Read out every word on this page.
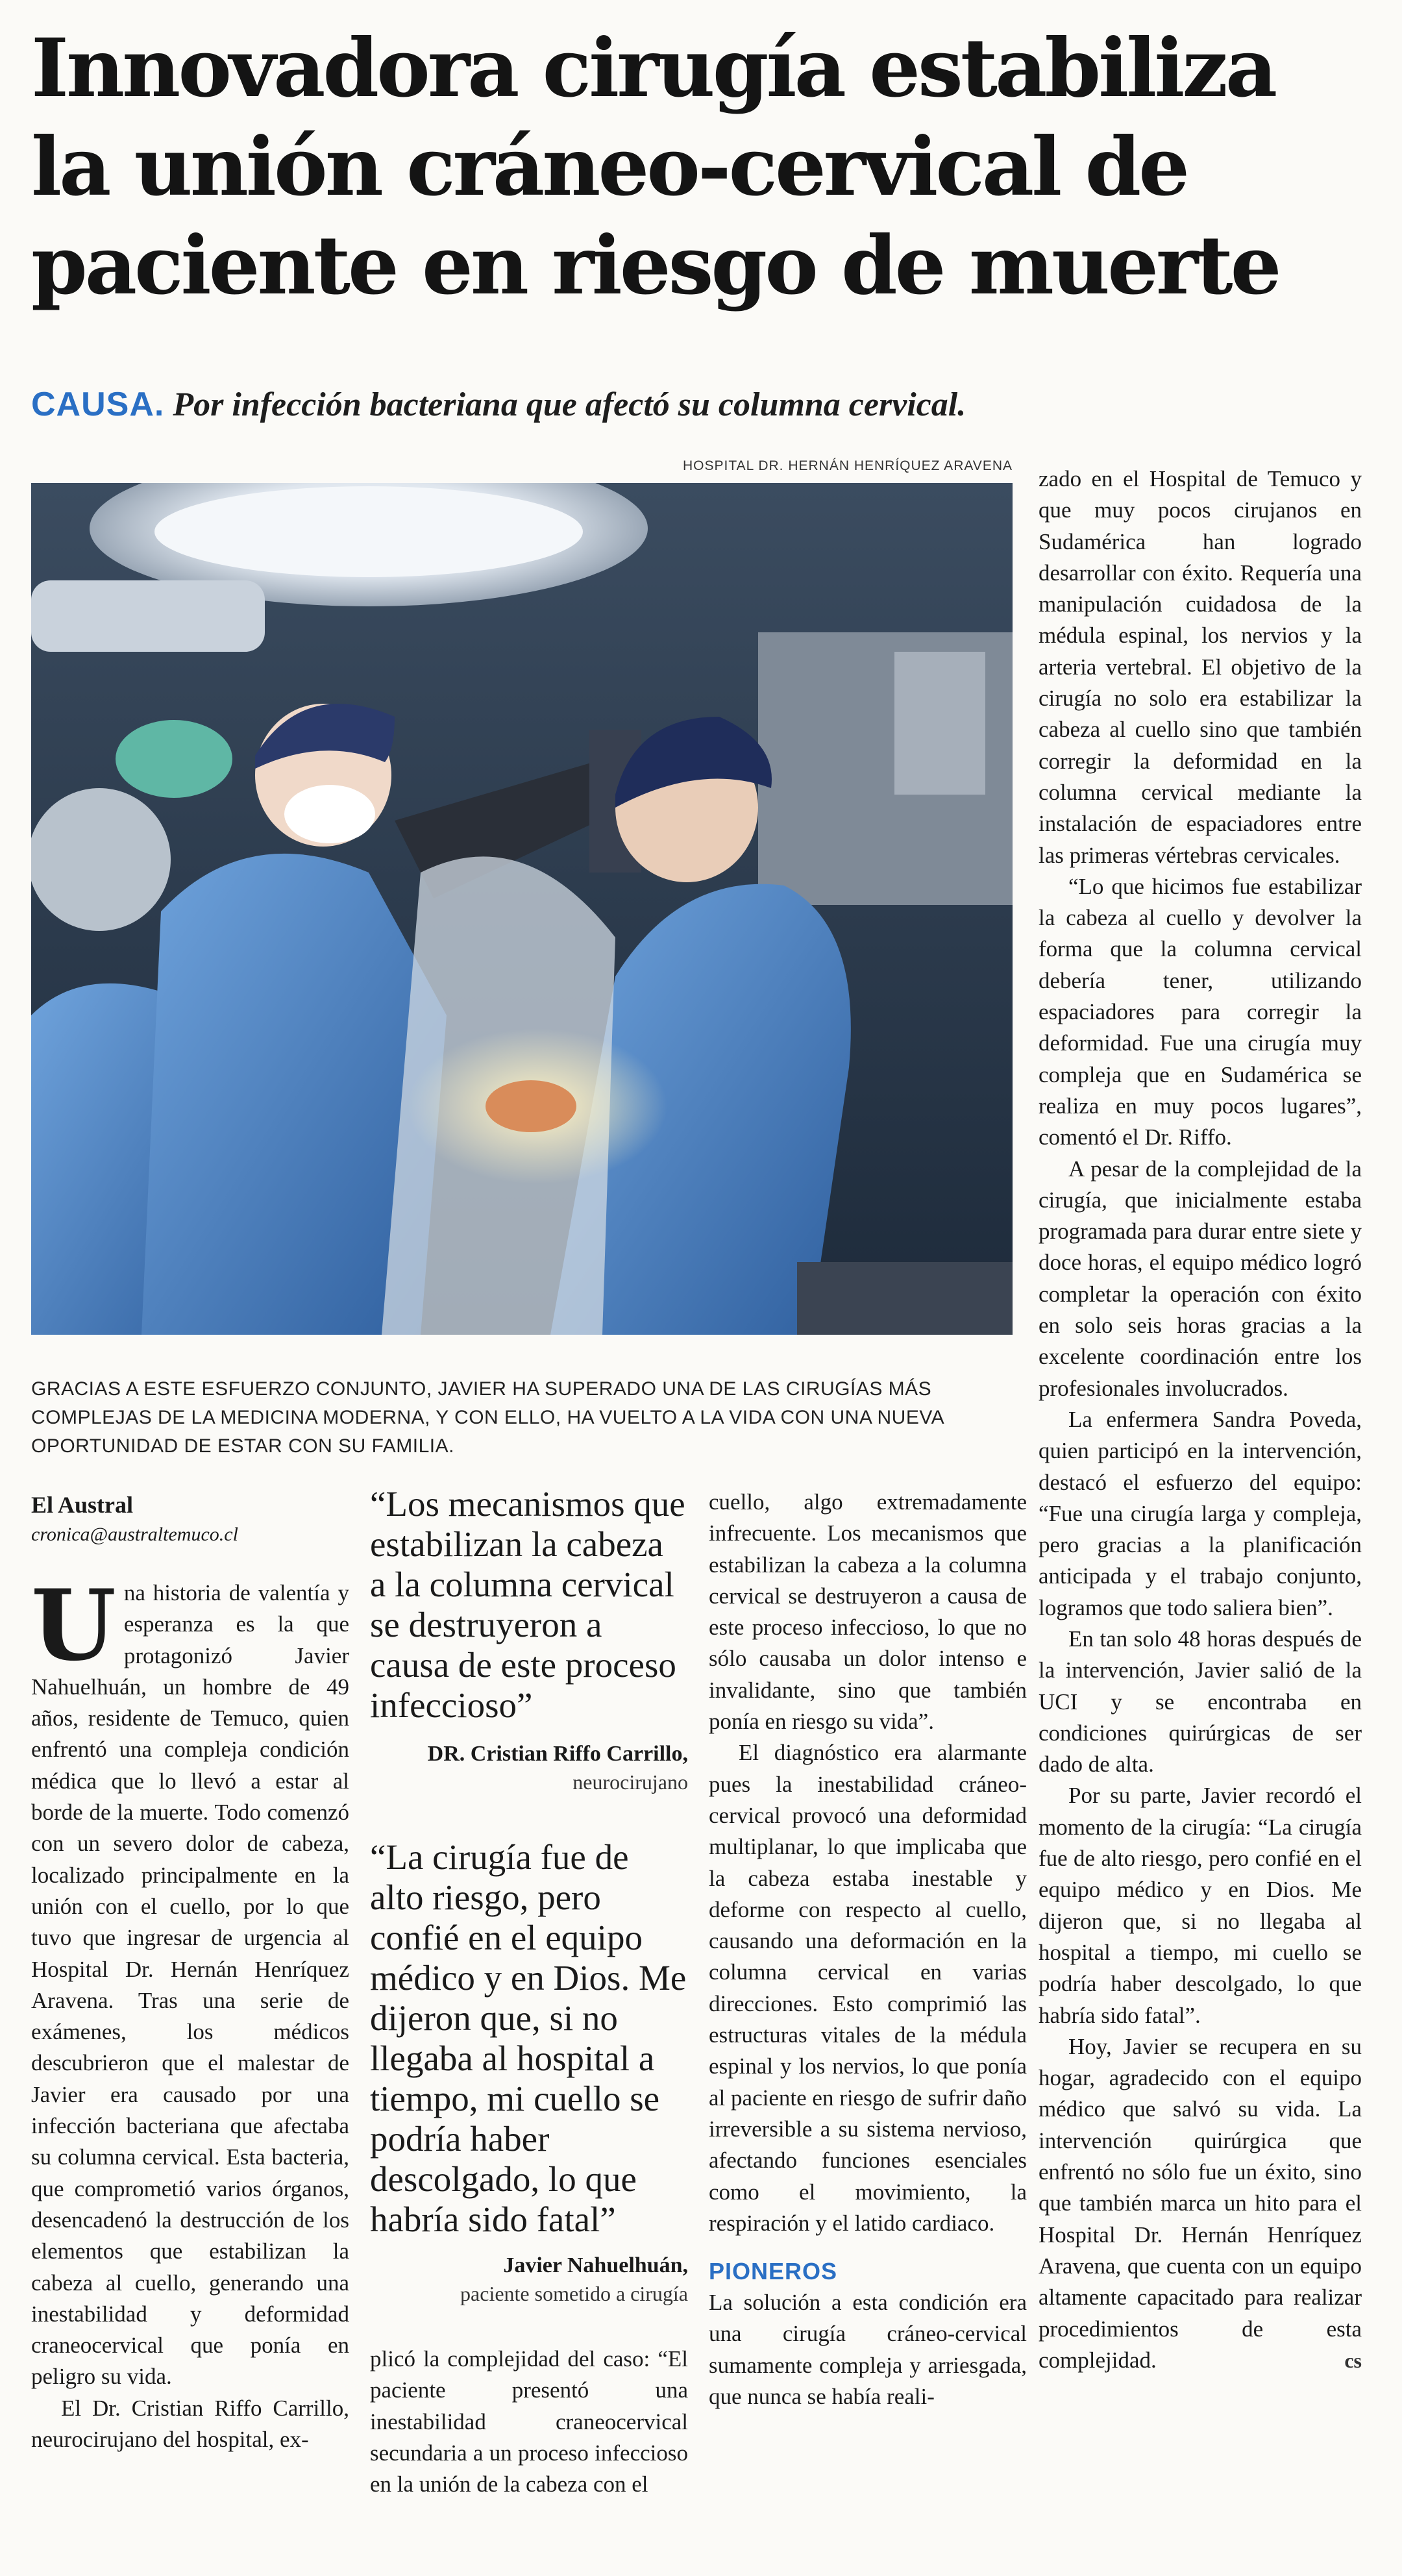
Innovadora cirugía estabiliza
la unión cráneo-cervical de
paciente en riesgo de muerte
CAUSA. Por infección bacteriana que afectó su columna cervical.
HOSPITAL DR. HERNÁN HENRÍQUEZ ARAVENA

GRACIAS A ESTE ESFUERZO CONJUNTO, JAVIER HA SUPERADO UNA DE LAS CIRUGÍAS MÁS COMPLEJAS DE LA MEDICINA MODERNA, Y CON ELLO, HA VUELTO A LA VIDA CON UNA NUEVA OPORTUNIDAD DE ESTAR CON SU FAMILIA.

El Austral
cronica@australtemuco.cl

Una historia de valentía y esperanza es la que protagonizó Javier Nahuelhuán, un hombre de 49 años, residente de Temuco, quien enfrentó una compleja condición médica que lo llevó a estar al borde de la muerte. Todo comenzó con un severo dolor de cabeza, localizado principalmente en la unión con el cuello, por lo que tuvo que ingresar de urgencia al Hospital Dr. Hernán Henríquez Aravena. Tras una serie de exámenes, los médicos descubrieron que el malestar de Javier era causado por una infección bacteriana que afectaba su columna cervical. Esta bacteria, que comprometió varios órganos, desencadenó la destrucción de los elementos que estabilizan la cabeza al cuello, generando una inestabilidad y deformidad craneocervical que ponía en peligro su vida.

El Dr. Cristian Riffo Carrillo, neurocirujano del hospital, ex-

“Los mecanismos que estabilizan la cabeza a la columna cervical se destruyeron a causa de este proceso infeccioso”

DR. Cristian Riffo Carrillo,
neurocirujano

“La cirugía fue de alto riesgo, pero confié en el equipo médico y en Dios. Me dijeron que, si no llegaba al hospital a tiempo, mi cuello se podría haber descolgado, lo que habría sido fatal”

Javier Nahuelhuán,
paciente sometido a cirugía

plicó la complejidad del caso: “El paciente presentó una inestabilidad craneocervical secundaria a un proceso infeccioso en la unión de la cabeza con el

cuello, algo extremadamente infrecuente. Los mecanismos que estabilizan la cabeza a la columna cervical se destruyeron a causa de este proceso infeccioso, lo que no sólo causaba un dolor intenso e invalidante, sino que también ponía en riesgo su vida”.

El diagnóstico era alarmante pues la inestabilidad cráneo-cervical provocó una deformidad multiplanar, lo que implicaba que la cabeza estaba inestable y deforme con respecto al cuello, causando una deformación en la columna cervical en varias direcciones. Esto comprimió las estructuras vitales de la médula espinal y los nervios, lo que ponía al paciente en riesgo de sufrir daño irreversible a su sistema nervioso, afectando funciones esenciales como el movimiento, la respiración y el latido cardiaco.

PIONEROS

La solución a esta condición era una cirugía cráneo-cervical sumamente compleja y arriesgada, que nunca se había reali-

zado en el Hospital de Temuco y que muy pocos cirujanos en Sudamérica han logrado desarrollar con éxito. Requería una manipulación cuidadosa de la médula espinal, los nervios y la arteria vertebral. El objetivo de la cirugía no solo era estabilizar la cabeza al cuello sino que también corregir la deformidad en la columna cervical mediante la instalación de espaciadores entre las primeras vértebras cervicales.

“Lo que hicimos fue estabilizar la cabeza al cuello y devolver la forma que la columna cervical debería tener, utilizando espaciadores para corregir la deformidad. Fue una cirugía muy compleja que en Sudamérica se realiza en muy pocos lugares”, comentó el Dr. Riffo.

A pesar de la complejidad de la cirugía, que inicialmente estaba programada para durar entre siete y doce horas, el equipo médico logró completar la operación con éxito en solo seis horas gracias a la excelente coordinación entre los profesionales involucrados.

La enfermera Sandra Poveda, quien participó en la intervención, destacó el esfuerzo del equipo: “Fue una cirugía larga y compleja, pero gracias a la planificación anticipada y el trabajo conjunto, logramos que todo saliera bien”.

En tan solo 48 horas después de la intervención, Javier salió de la UCI y se encontraba en condiciones quirúrgicas de ser dado de alta.

Por su parte, Javier recordó el momento de la cirugía: “La cirugía fue de alto riesgo, pero confié en el equipo médico y en Dios. Me dijeron que, si no llegaba al hospital a tiempo, mi cuello se podría haber descolgado, lo que habría sido fatal”.

Hoy, Javier se recupera en su hogar, agradecido con el equipo médico que salvó su vida. La intervención quirúrgica que enfrentó no sólo fue un éxito, sino que también marca un hito para el Hospital Dr. Hernán Henríquez Aravena, que cuenta con un equipo altamente capacitado para realizar procedimientos de esta complejidad.	cs
